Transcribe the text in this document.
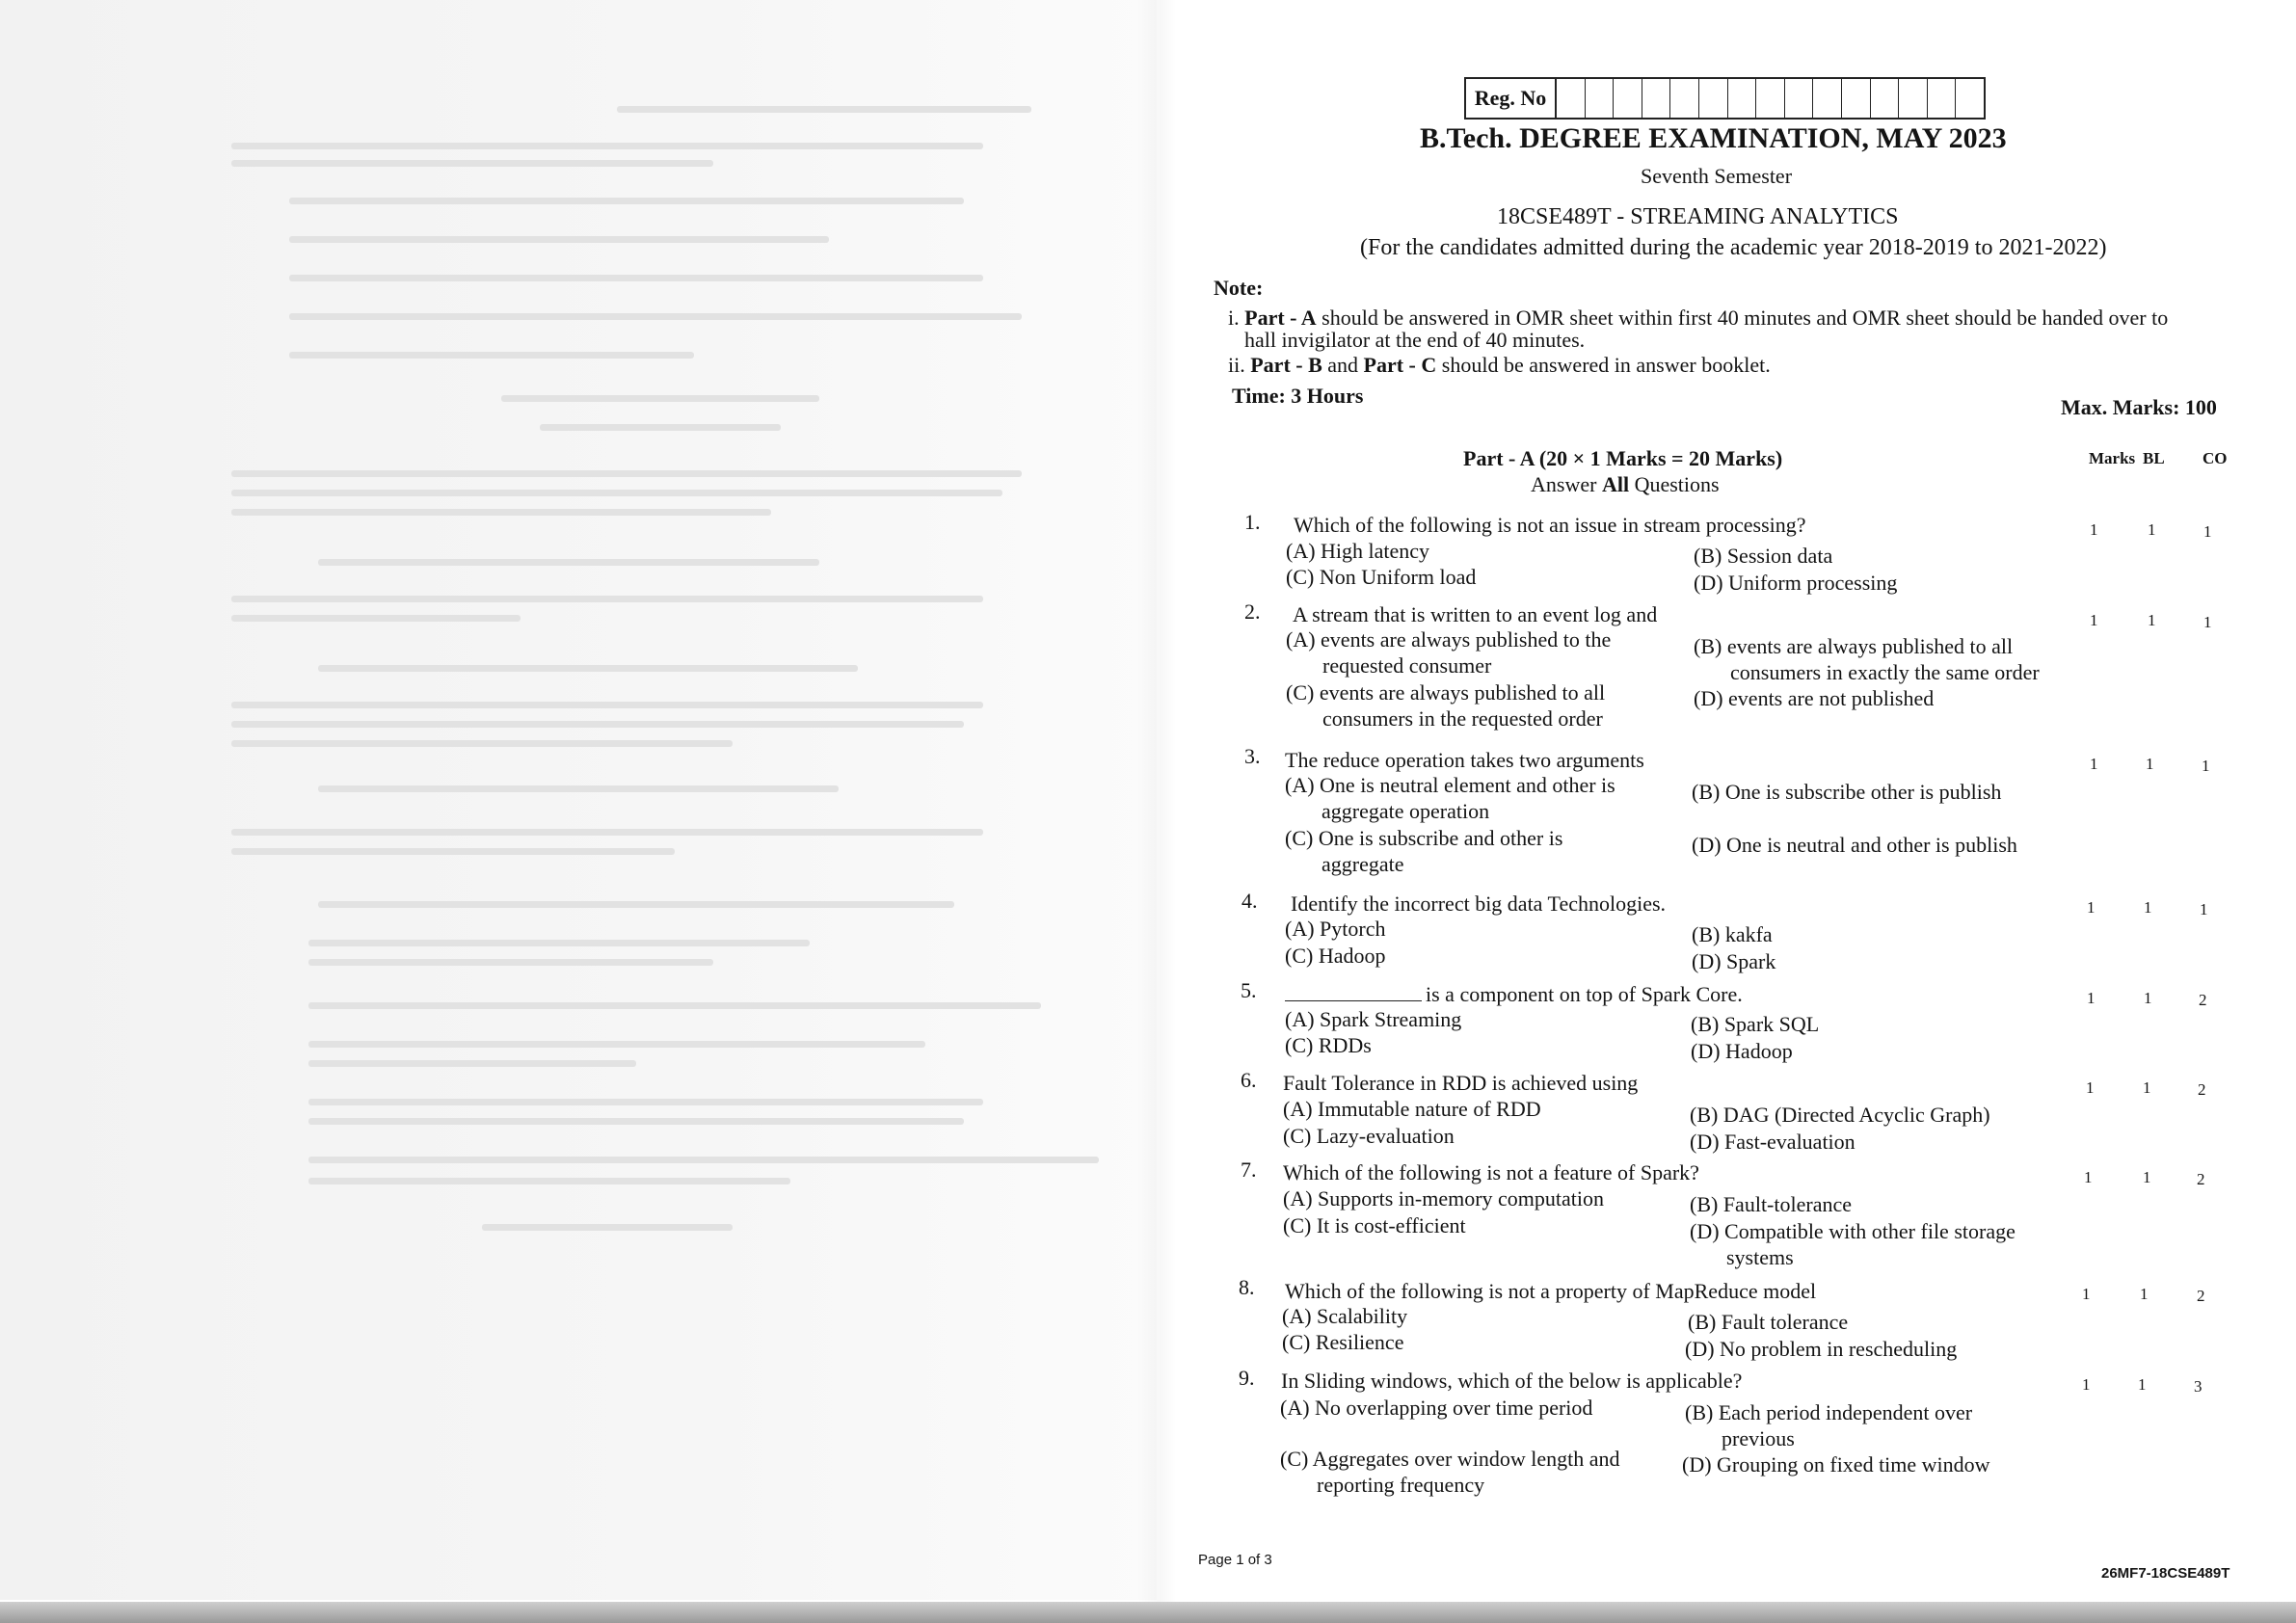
Reg. No
B.Tech. DEGREE EXAMINATION, MAY 2023
Seventh Semester
18CSE489T - STREAMING ANALYTICS
(For the candidates admitted during the academic year 2018-2019 to 2021-2022)
Note:
i. Part - A should be answered in OMR sheet within first 40 minutes and OMR sheet should be handed over to
hall invigilator at the end of 40 minutes.
ii. Part - B and Part - C should be answered in answer booklet.
Time: 3 Hours	Max. Marks: 100
Part - A (20 × 1 Marks = 20 Marks)
Answer All Questions
Marks BL CO
1. Which of the following is not an issue in stream processing?
(A) High latency	(B) Session data
(C) Non Uniform load	(D) Uniform processing
1	1	1
2. A stream that is written to an event log and
(A) events are always published to the requested consumer
(B) events are always published to all consumers in exactly the same order
(C) events are always published to all consumers in the requested order
(D) events are not published
1	1	1
3. The reduce operation takes two arguments
(A) One is neutral element and other is aggregate operation
(B) One is subscribe other is publish
(C) One is subscribe and other is aggregate
(D) One is neutral and other is publish
1	1	1
4. Identify the incorrect big data Technologies.
(A) Pytorch	(B) kakfa
(C) Hadoop	(D) Spark
1	1	1
5.	is a component on top of Spark Core.
(A) Spark Streaming	(B) Spark SQL
(C) RDDs	(D) Hadoop
1	1	2
6. Fault Tolerance in RDD is achieved using
(A) Immutable nature of RDD	(B) DAG (Directed Acyclic Graph)
(C) Lazy-evaluation	(D) Fast-evaluation
1	1	2
7. Which of the following is not a feature of Spark?
(A) Supports in-memory computation	(B) Fault-tolerance
(C) It is cost-efficient	(D) Compatible with other file storage systems
1	1	2
8. Which of the following is not a property of MapReduce model
(A) Scalability	(B) Fault tolerance
(C) Resilience	(D) No problem in rescheduling
1	1	2
9. In Sliding windows, which of the below is applicable?
(A) No overlapping over time period	(B) Each period independent over previous
(C) Aggregates over window length and reporting frequency
(D) Grouping on fixed time window
1	1	3
Page 1 of 3
26MF7-18CSE489T
